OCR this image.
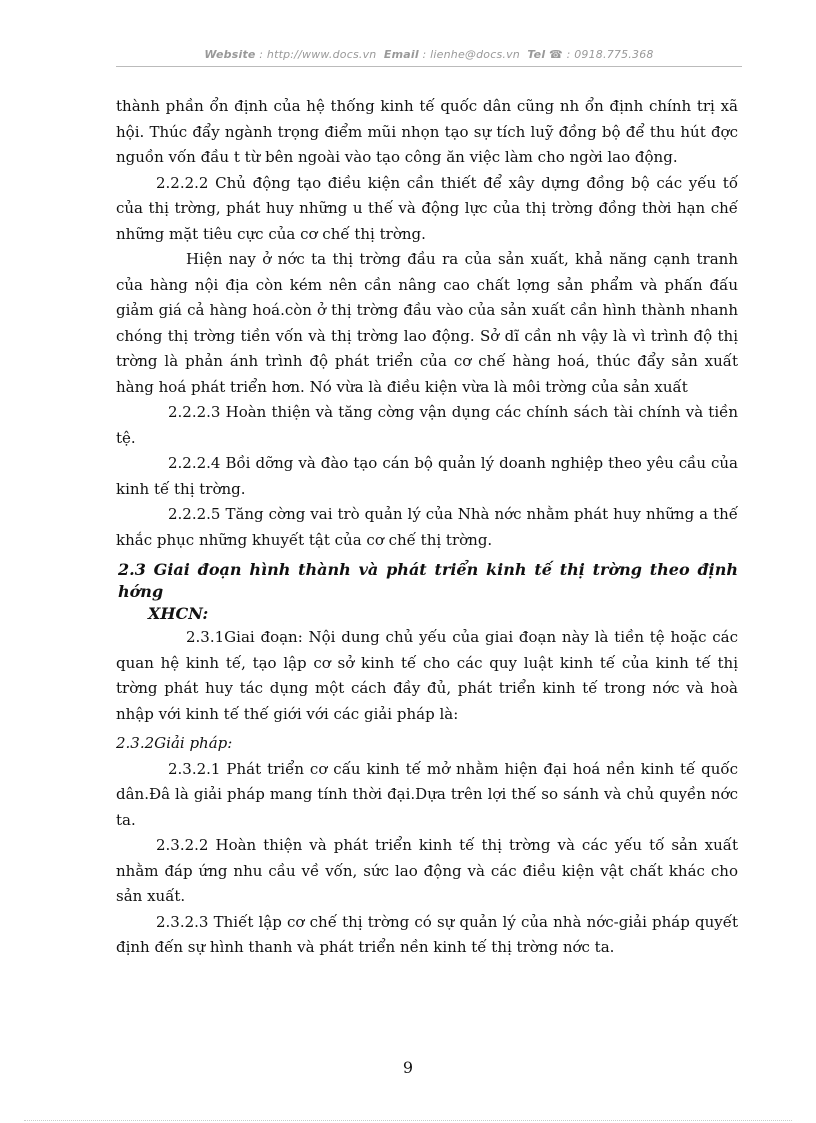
Website : http://www.docs.vn Email : lienhe@docs.vn Tel ☎ : 0918.775.368

thành phần ổn định của hệ thống kinh tế quốc dân cũng nh ổn định chính trị xã hội. Thúc đẩy ngành trọng điểm mũi nhọn tạo sự tích luỹ đồng bộ để thu hút đợc nguồn vốn đầu t từ bên ngoài vào tạo công ăn việc làm cho ngời lao động.

2.2.2.2 Chủ động tạo điều kiện cần thiết để xây dựng đồng bộ các yếu tố của thị trờng, phát huy những u thế và động lực của thị trờng đồng thời hạn chế những mặt tiêu cực của cơ chế thị trờng.

Hiện nay ở nớc ta thị trờng đầu ra của sản xuất, khả năng cạnh tranh của hàng nội địa còn kém nên cần nâng cao chất lợng sản phẩm và phấn đấu giảm giá cả hàng hoá.còn ở thị trờng đầu vào của sản xuất cần hình thành nhanh chóng thị trờng tiền vốn và thị trờng lao động. Sở dĩ cần nh vậy là vì trình độ thị trờng là phản ánh trình độ phát triển của cơ chế hàng hoá, thúc đẩy sản xuất hàng hoá phát triển hơn. Nó vừa là điều kiện vừa là môi trờng của sản xuất

2.2.2.3 Hoàn thiện và tăng cờng vận dụng các chính sách tài chính và tiền tệ.

2.2.2.4 Bồi dỡng và đào tạo cán bộ quản lý doanh nghiệp theo yêu cầu của kinh tế thị trờng.

2.2.2.5 Tăng cờng vai trò quản lý của Nhà nớc nhằm phát huy những a thế khắc phục những khuyết tật của cơ chế thị trờng.

2.3 Giai đoạn hình thành và phát triển kinh tế thị trờng theo định hớng
XHCN:

2.3.1Giai đoạn: Nội dung chủ yếu của giai đoạn này là tiền tệ hoặc các quan hệ kinh tế, tạo lập cơ sở kinh tế cho các quy luật kinh tế của kinh tế thị trờng phát huy tác dụng một cách đầy đủ, phát triển kinh tế trong nớc và hoà nhập với kinh tế thế giới với các giải pháp là:

2.3.2Giải pháp:

2.3.2.1 Phát triển cơ cấu kinh tế mở nhằm hiện đại hoá nền kinh tế quốc dân.Đâ là giải pháp mang tính thời đại.Dựa trên lợi thế so sánh và chủ quyền nớc ta.

2.3.2.2 Hoàn thiện và phát triển kinh tế thị trờng và các yếu tố sản xuất nhằm đáp ứng nhu cầu về vốn, sức lao động và các điều kiện vật chất khác cho sản xuất.

2.3.2.3 Thiết lập cơ chế thị trờng có sự quản lý của nhà nớc-giải pháp quyết định đến sự hình thanh và phát triển nền kinh tế thị trờng nớc ta.

9
